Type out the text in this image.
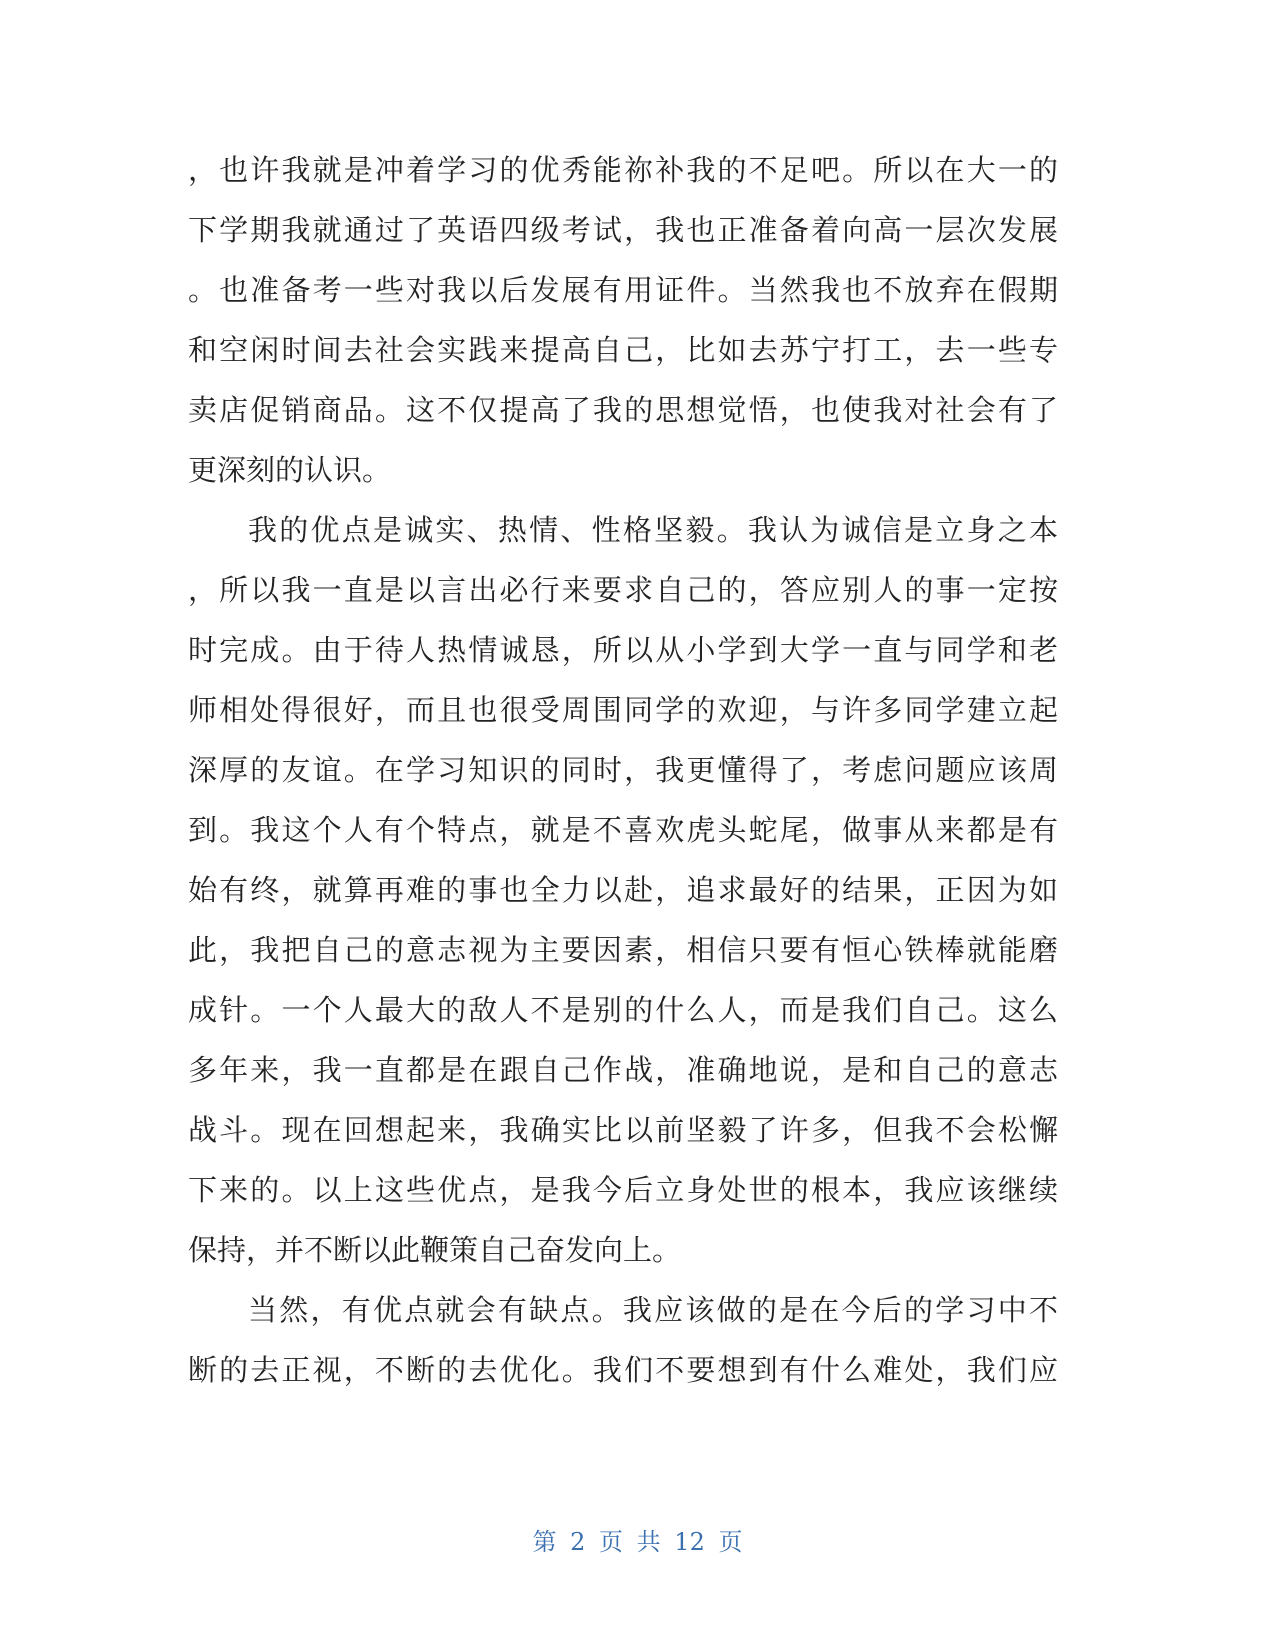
，也许我就是冲着学习的优秀能祢补我的不足吧。所以在大一的
下学期我就通过了英语四级考试，我也正准备着向高一层次发展
。也准备考一些对我以后发展有用证件。当然我也不放弃在假期
和空闲时间去社会实践来提高自己，比如去苏宁打工，去一些专
卖店促销商品。这不仅提高了我的思想觉悟，也使我对社会有了
更深刻的认识。
我的优点是诚实、热情、性格坚毅。我认为诚信是立身之本
，所以我一直是以言出必行来要求自己的，答应别人的事一定按
时完成。由于待人热情诚恳，所以从小学到大学一直与同学和老
师相处得很好，而且也很受周围同学的欢迎，与许多同学建立起
深厚的友谊。在学习知识的同时，我更懂得了，考虑问题应该周
到。我这个人有个特点，就是不喜欢虎头蛇尾，做事从来都是有
始有终，就算再难的事也全力以赴，追求最好的结果，正因为如
此，我把自己的意志视为主要因素，相信只要有恒心铁棒就能磨
成针。一个人最大的敌人不是别的什么人，而是我们自己。这么
多年来，我一直都是在跟自己作战，准确地说，是和自己的意志
战斗。现在回想起来，我确实比以前坚毅了许多，但我不会松懈
下来的。以上这些优点，是我今后立身处世的根本，我应该继续
保持，并不断以此鞭策自己奋发向上。
当然，有优点就会有缺点。我应该做的是在今后的学习中不
断的去正视，不断的去优化。我们不要想到有什么难处，我们应
第 2 页 共 12 页
